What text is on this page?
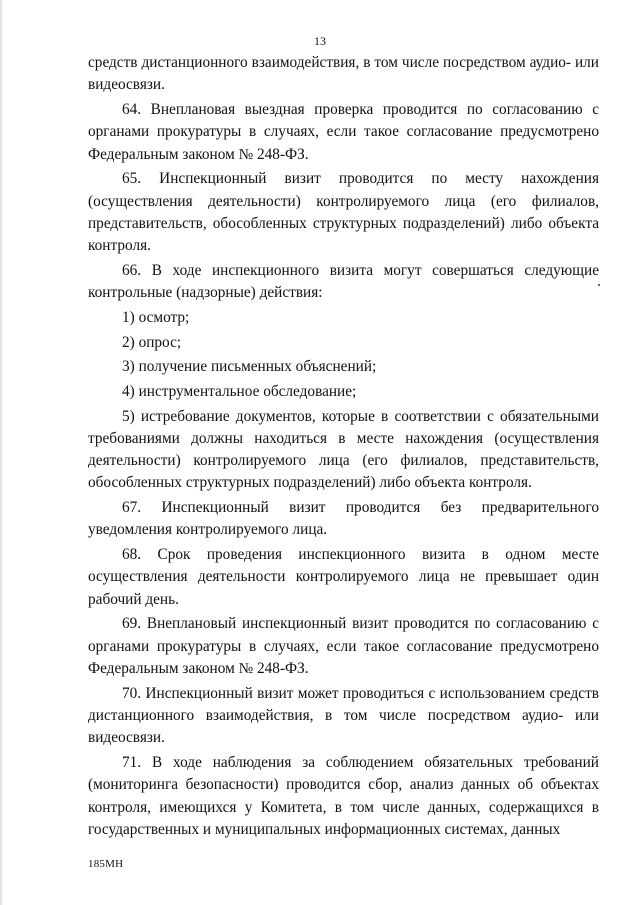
13

средств дистанционного взаимодействия, в том числе посредством аудио- или видеосвязи.

64. Внеплановая выездная проверка проводится по согласованию с органами прокуратуры в случаях, если такое согласование предусмотрено Федеральным законом № 248-ФЗ.

65. Инспекционный визит проводится по месту нахождения (осуществления деятельности) контролируемого лица (его филиалов, представительств, обособленных структурных подразделений) либо объекта контроля.

66. В ходе инспекционного визита могут совершаться следующие контрольные (надзорные) действия:

1) осмотр;

2) опрос;

3) получение письменных объяснений;

4) инструментальное обследование;

5) истребование документов, которые в соответствии с обязательными требованиями должны находиться в месте нахождения (осуществления деятельности) контролируемого лица (его филиалов, представительств, обособленных структурных подразделений) либо объекта контроля.

67. Инспекционный визит проводится без предварительного уведомления контролируемого лица.

68. Срок проведения инспекционного визита в одном месте осуществления деятельности контролируемого лица не превышает один рабочий день.

69. Внеплановый инспекционный визит проводится по согласованию с органами прокуратуры в случаях, если такое согласование предусмотрено Федеральным законом № 248-ФЗ.

70. Инспекционный визит может проводиться с использованием средств дистанционного взаимодействия, в том числе посредством аудио- или видеосвязи.

71. В ходе наблюдения за соблюдением обязательных требований (мониторинга безопасности) проводится сбор, анализ данных об объектах контроля, имеющихся у Комитета, в том числе данных, содержащихся в государственных и муниципальных информационных системах, данных

185МН
